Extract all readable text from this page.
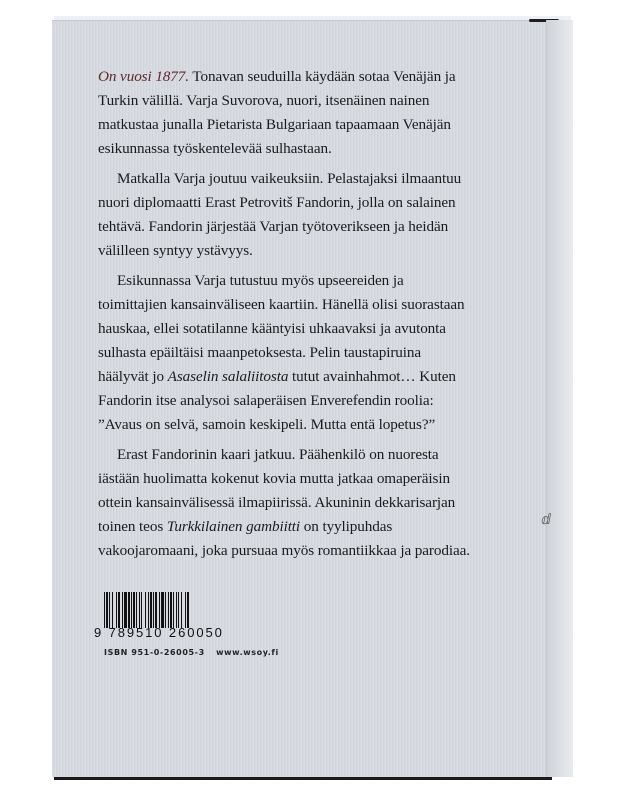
ⅆ

On vuosi 1877. Tonavan seuduilla käydään sotaa Venäjän ja Turkin välillä. Varja Suvorova, nuori, itsenäinen nainen matkustaa junalla Pietarista Bulgariaan tapaamaan Venäjän esikunnassa työskentelevää sulhastaan.

Matkalla Varja joutuu vaikeuksiin. Pelastajaksi ilmaantuu nuori diplomaatti Erast Petrovitš Fandorin, jolla on salainen tehtävä. Fandorin järjestää Varjan työtoverikseen ja heidän välilleen syntyy ystävyys.

Esikunnassa Varja tutustuu myös upseereiden ja toimittajien kansainväliseen kaartiin. Hänellä olisi suorastaan hauskaa, ellei sotatilanne kääntyisi uhkaavaksi ja avutonta sulhasta epäiltäisi maanpetoksesta. Pelin taustapiruina häälyvät jo Asaselin salaliitosta tutut avainhahmot… Kuten Fandorin itse analysoi salaperäisen Enverefendin roolia: ”Avaus on selvä, samoin keskipeli. Mutta entä lopetus?”

Erast Fandorinin kaari jatkuu. Päähenkilö on nuoresta iästään huolimatta kokenut kovia mutta jatkaa omaperäisin ottein kansainvälisessä ilmapiirissä. Akuninin dekkarisarjan toinen teos Turkkilainen gambiitti on tyylipuhdas vakoojaromaani, joka pursuaa myös romantiikkaa ja parodiaa.

9 789510 260050
ISBN 951-0-26005-3 www.wsoy.fi
